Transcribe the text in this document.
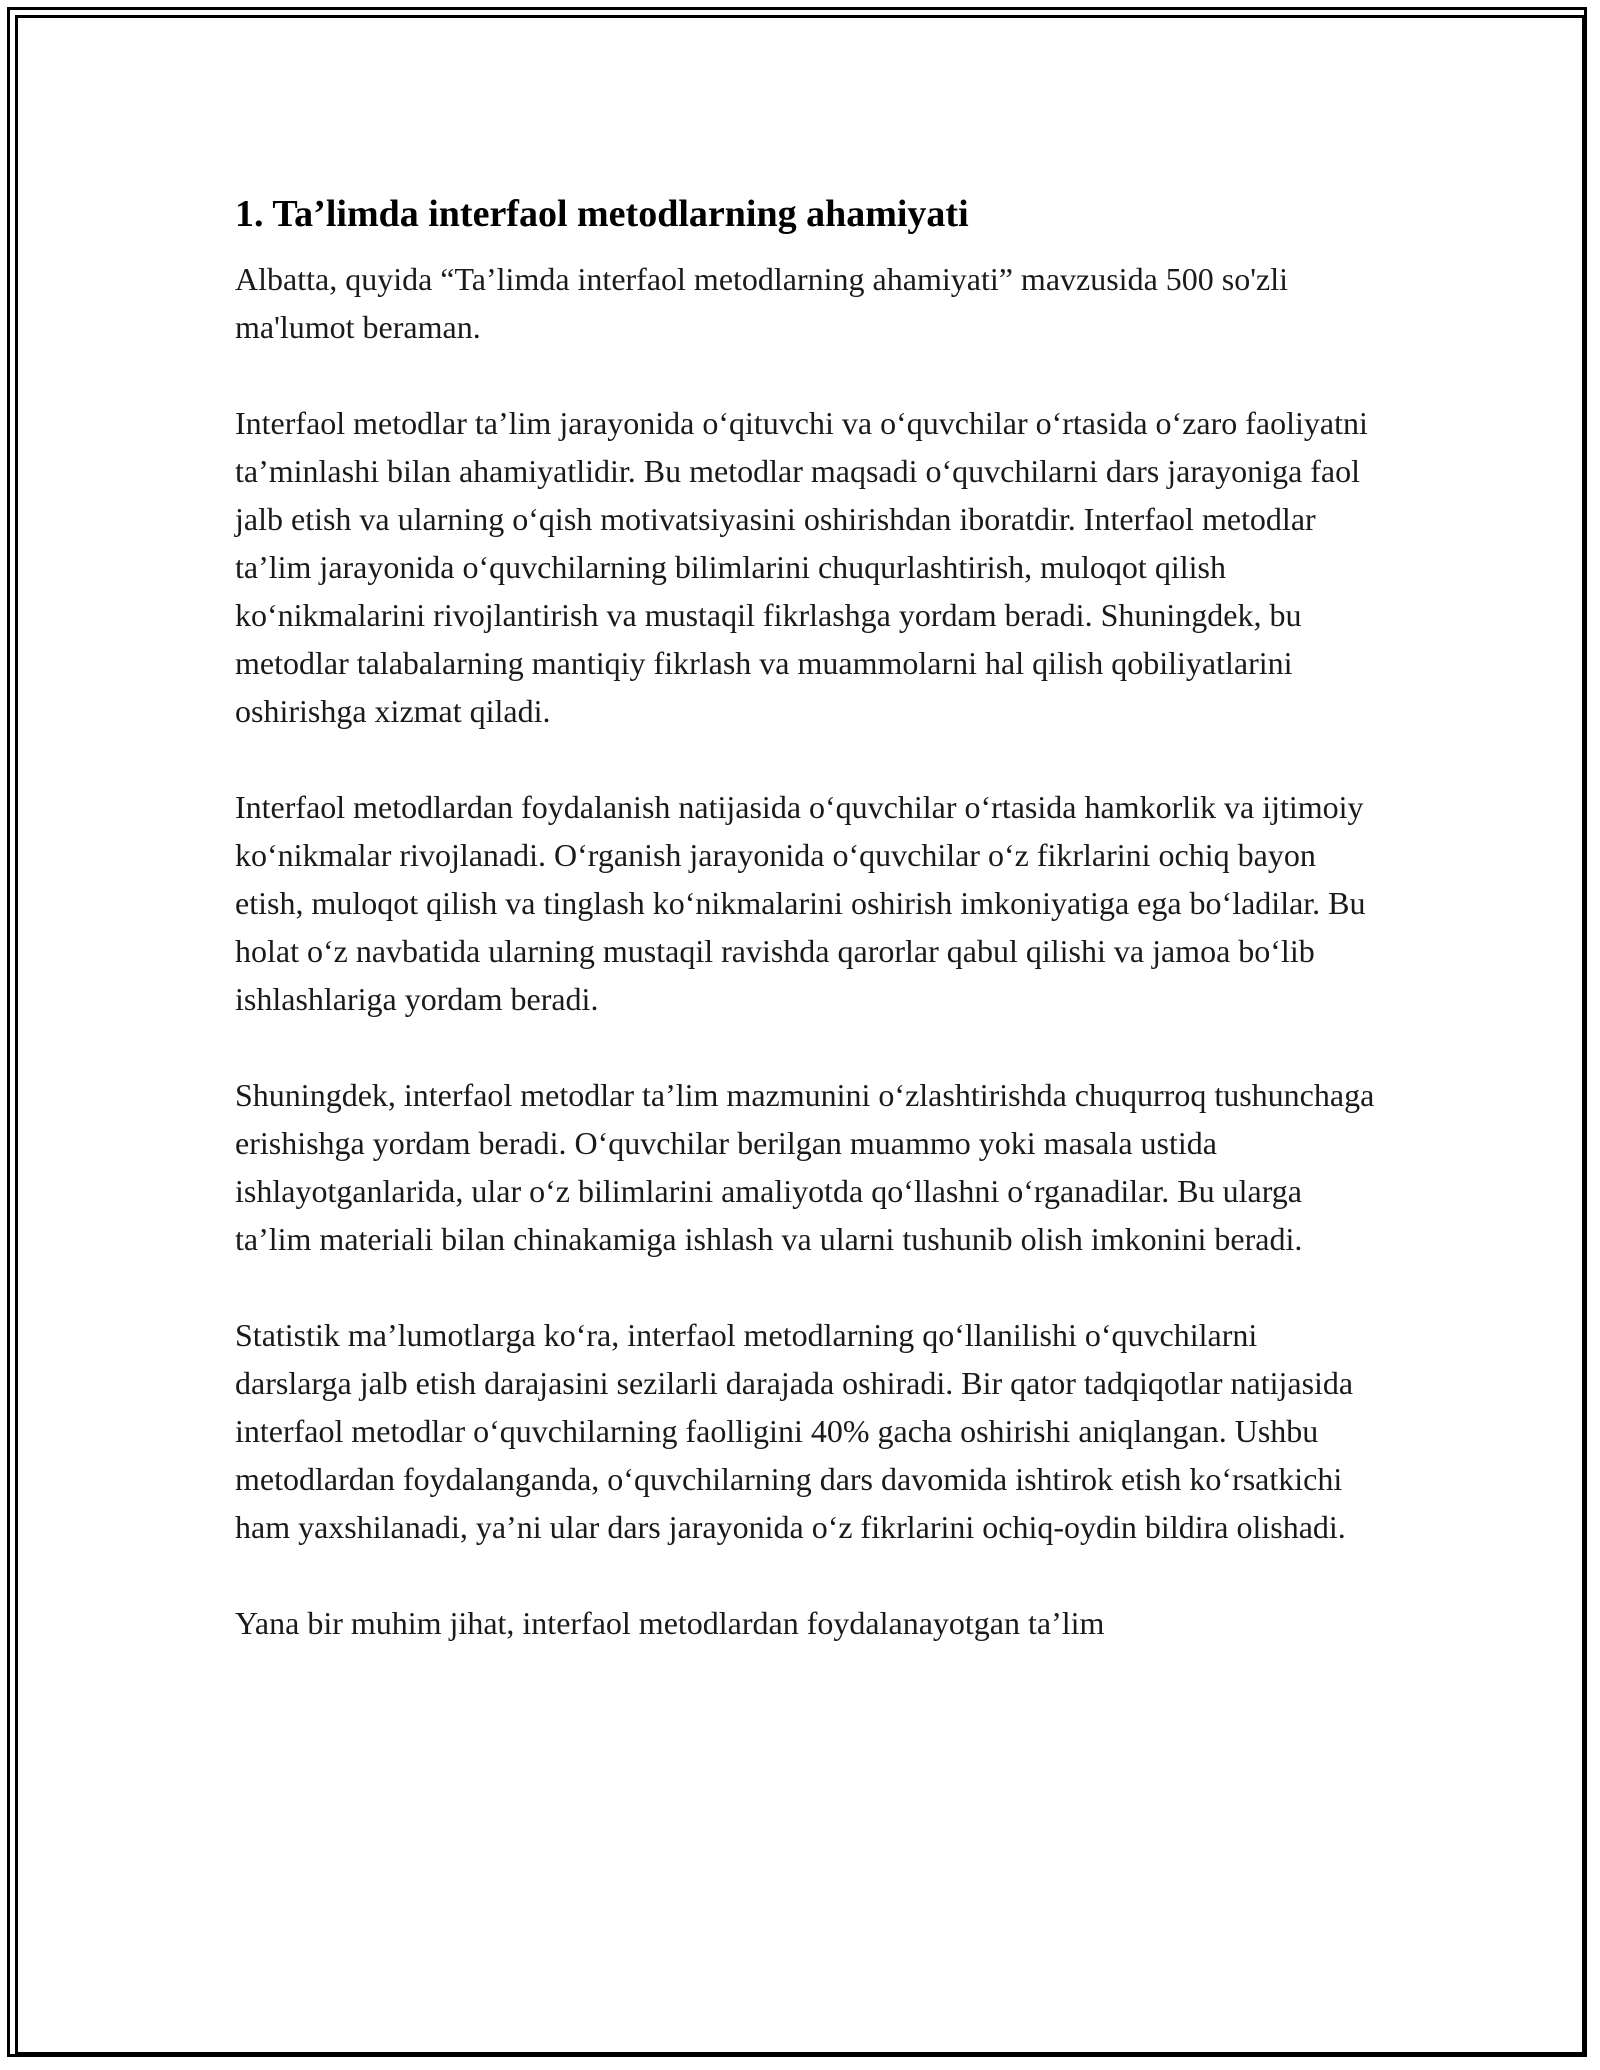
1. Ta’limda interfaol metodlarning ahamiyati

Albatta, quyida “Ta’limda interfaol metodlarning ahamiyati” mavzusida 500 so'zli ma'lumot beraman.

Interfaol metodlar ta’lim jarayonida o‘qituvchi va o‘quvchilar o‘rtasida o‘zaro faoliyatni ta’minlashi bilan ahamiyatlidir. Bu metodlar maqsadi o‘quvchilarni dars jarayoniga faol jalb etish va ularning o‘qish motivatsiyasini oshirishdan iboratdir. Interfaol metodlar ta’lim jarayonida o‘quvchilarning bilimlarini chuqurlashtirish, muloqot qilish ko‘nikmalarini rivojlantirish va mustaqil fikrlashga yordam beradi. Shuningdek, bu metodlar talabalarning mantiqiy fikrlash va muammolarni hal qilish qobiliyatlarini oshirishga xizmat qiladi.

Interfaol metodlardan foydalanish natijasida o‘quvchilar o‘rtasida hamkorlik va ijtimoiy ko‘nikmalar rivojlanadi. O‘rganish jarayonida o‘quvchilar o‘z fikrlarini ochiq bayon etish, muloqot qilish va tinglash ko‘nikmalarini oshirish imkoniyatiga ega bo‘ladilar. Bu holat o‘z navbatida ularning mustaqil ravishda qarorlar qabul qilishi va jamoa bo‘lib ishlashlariga yordam beradi.

Shuningdek, interfaol metodlar ta’lim mazmunini o‘zlashtirishda chuqurroq tushunchaga erishishga yordam beradi. O‘quvchilar berilgan muammo yoki masala ustida ishlayotganlarida, ular o‘z bilimlarini amaliyotda qo‘llashni o‘rganadilar. Bu ularga ta’lim materiali bilan chinakamiga ishlash va ularni tushunib olish imkonini beradi.

Statistik ma’lumotlarga ko‘ra, interfaol metodlarning qo‘llanilishi o‘quvchilarni darslarga jalb etish darajasini sezilarli darajada oshiradi. Bir qator tadqiqotlar natijasida interfaol metodlar o‘quvchilarning faolligini 40% gacha oshirishi aniqlangan. Ushbu metodlardan foydalanganda, o‘quvchilarning dars davomida ishtirok etish ko‘rsatkichi ham yaxshilanadi, ya’ni ular dars jarayonida o‘z fikrlarini ochiq-oydin bildira olishadi.

Yana bir muhim jihat, interfaol metodlardan foydalanayotgan ta’lim
